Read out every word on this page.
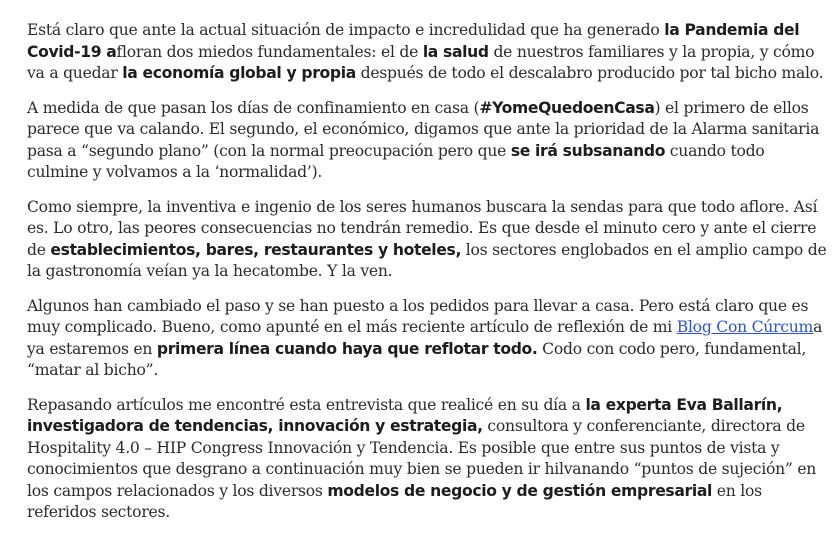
Está claro que ante la actual situación de impacto e incredulidad que ha generado la Pandemia del Covid-19 afloran dos miedos fundamentales: el de la salud de nuestros familiares y la propia, y cómo va a quedar la economía global y propia después de todo el descalabro producido por tal bicho malo.

A medida de que pasan los días de confinamiento en casa (#YomeQuedoenCasa) el primero de ellos parece que va calando. El segundo, el económico, digamos que ante la prioridad de la Alarma sanitaria pasa a “segundo plano” (con la normal preocupación pero que se irá subsanando cuando todo culmine y volvamos a la ‘normalidad’).

Como siempre, la inventiva e ingenio de los seres humanos buscara la sendas para que todo aflore. Así es. Lo otro, las peores consecuencias no tendrán remedio. Es que desde el minuto cero y ante el cierre de establecimientos, bares, restaurantes y hoteles, los sectores englobados en el amplio campo de la gastronomía veían ya la hecatombe. Y la ven.

Algunos han cambiado el paso y se han puesto a los pedidos para llevar a casa. Pero está claro que es muy complicado. Bueno, como apunté en el más reciente artículo de reflexión de mi Blog Con Cúrcuma ya estaremos en primera línea cuando haya que reflotar todo. Codo con codo pero, fundamental, “matar al bicho”.

Repasando artículos me encontré esta entrevista que realicé en su día a la experta Eva Ballarín, investigadora de tendencias, innovación y estrategia, consultora y conferenciante, directora de Hospitality 4.0 – HIP Congress Innovación y Tendencia. Es posible que entre sus puntos de vista y conocimientos que desgrano a continuación muy bien se pueden ir hilvanando “puntos de sujeción” en los campos relacionados y los diversos modelos de negocio y de gestión empresarial en los referidos sectores.
